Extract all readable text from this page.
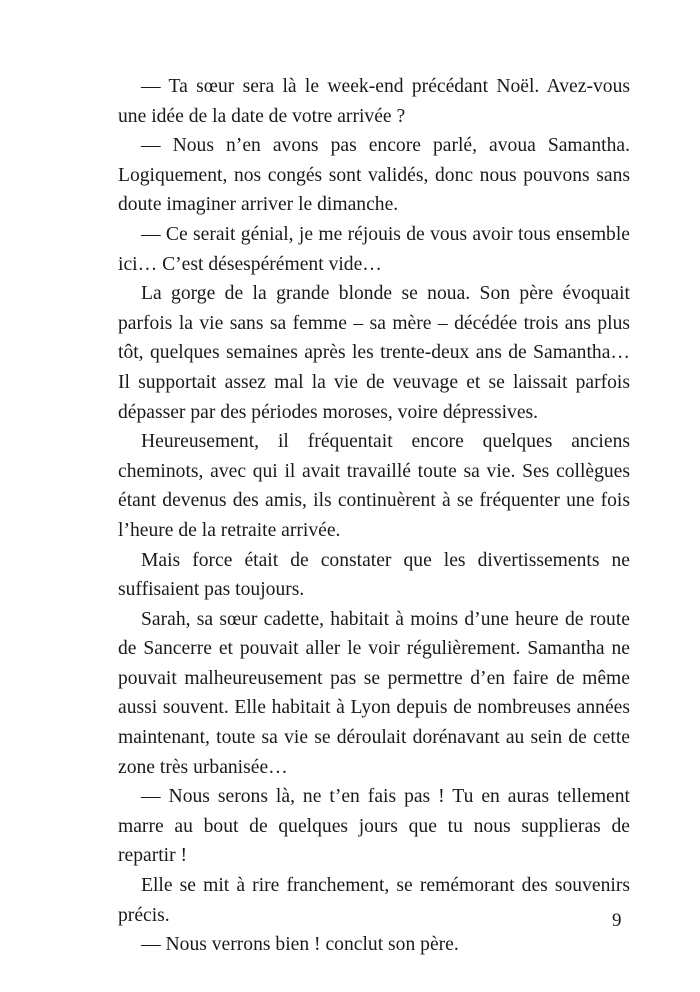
— Ta sœur sera là le week-end précédant Noël. Avez-vous une idée de la date de votre arrivée ?

— Nous n’en avons pas encore parlé, avoua Samantha. Logiquement, nos congés sont validés, donc nous pouvons sans doute imaginer arriver le dimanche.

— Ce serait génial, je me réjouis de vous avoir tous ensemble ici… C’est désespérément vide…

La gorge de la grande blonde se noua. Son père évoquait parfois la vie sans sa femme – sa mère – décédée trois ans plus tôt, quelques semaines après les trente-deux ans de Samantha… Il supportait assez mal la vie de veuvage et se laissait parfois dépasser par des périodes moroses, voire dépressives.

Heureusement, il fréquentait encore quelques anciens cheminots, avec qui il avait travaillé toute sa vie. Ses collègues étant devenus des amis, ils continuèrent à se fréquenter une fois l’heure de la retraite arrivée.

Mais force était de constater que les divertissements ne suffisaient pas toujours.

Sarah, sa sœur cadette, habitait à moins d’une heure de route de Sancerre et pouvait aller le voir régulièrement. Samantha ne pouvait malheureusement pas se permettre d’en faire de même aussi souvent. Elle habitait à Lyon depuis de nombreuses années maintenant, toute sa vie se déroulait dorénavant au sein de cette zone très urbanisée…

— Nous serons là, ne t’en fais pas ! Tu en auras tellement marre au bout de quelques jours que tu nous supplieras de repartir !

Elle se mit à rire franchement, se remémorant des souvenirs précis.

— Nous verrons bien ! conclut son père.

9
